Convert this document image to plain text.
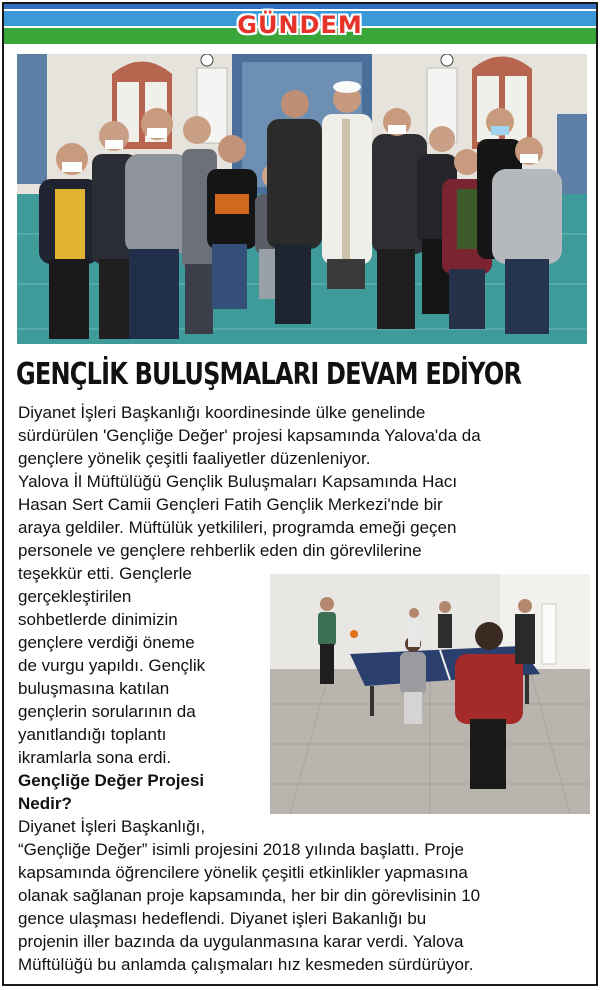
GÜNDEM
GENÇLİK BULUŞMALARI DEVAM EDİYOR
Diyanet İşleri Başkanlığı koordinesinde ülke genelinde
sürdürülen 'Gençliğe Değer' projesi kapsamında Yalova'da da
gençlere yönelik çeşitli faaliyetler düzenleniyor.
Yalova İl Müftülüğü Gençlik Buluşmaları Kapsamında Hacı
Hasan Sert Camii Gençleri Fatih Gençlik Merkezi'nde bir
araya geldiler. Müftülük yetkilileri, programda emeği geçen
personele ve gençlere rehberlik eden din görevlilerine
teşekkür etti. Gençlerle
gerçekleştirilen
sohbetlerde dinimizin
gençlere verdiği öneme
de vurgu yapıldı. Gençlik
buluşmasına katılan
gençlerin sorularının da
yanıtlandığı toplantı
ikramlarla sona erdi.
Gençliğe Değer Projesi
Nedir?
Diyanet İşleri Başkanlığı,
“Gençliğe Değer” isimli projesini 2018 yılında başlattı. Proje
kapsamında öğrencilere yönelik çeşitli etkinlikler yapmasına
olanak sağlanan proje kapsamında, her bir din görevlisinin 10
gence ulaşması hedeflendi. Diyanet işleri Bakanlığı bu
projenin iller bazında da uygulanmasına karar verdi. Yalova
Müftülüğü bu anlamda çalışmaları hız kesmeden sürdürüyor.
